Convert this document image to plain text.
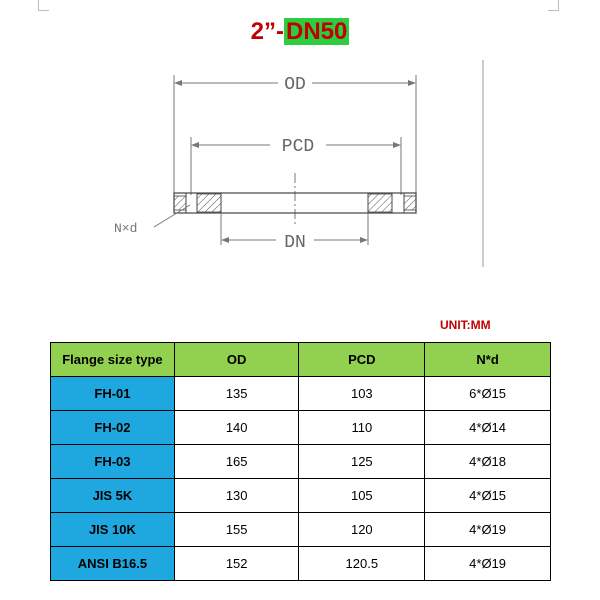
2”-DN50
OD
PCD
DN
N×d
UNIT:MM
Flange size type	OD	PCD	N*d
FH-01	135	103	6*Ø15
FH-02	140	110	4*Ø14
FH-03	165	125	4*Ø18
JIS 5K	130	105	4*Ø15
JIS 10K	155	120	4*Ø19
ANSI B16.5	152	120.5	4*Ø19
